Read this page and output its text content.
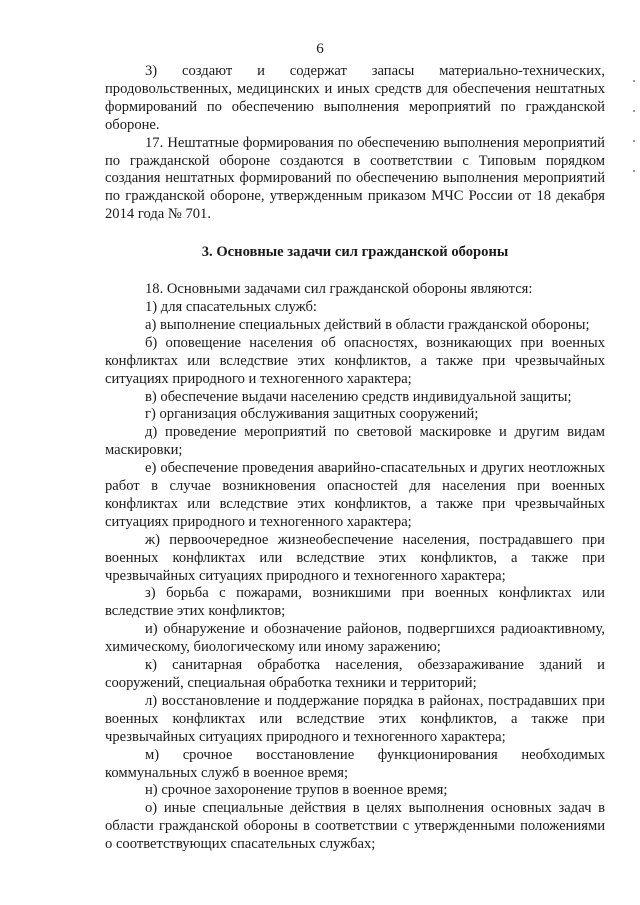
6

3) создают и содержат запасы материально-технических, продовольственных, медицинских и иных средств для обеспечения нештатных формирований по обеспечению выполнения мероприятий по гражданской обороне.

17. Нештатные формирования по обеспечению выполнения мероприятий по гражданской обороне создаются в соответствии с Типовым порядком создания нештатных формирований по обеспечению выполнения мероприятий по гражданской обороне, утвержденным приказом МЧС России от 18 декабря 2014 года № 701.

3. Основные задачи сил гражданской обороны

18. Основными задачами сил гражданской обороны являются:

1) для спасательных служб:

а) выполнение специальных действий в области гражданской обороны;

б) оповещение населения об опасностях, возникающих при военных конфликтах или вследствие этих конфликтов, а также при чрезвычайных ситуациях природного и техногенного характера;

в) обеспечение выдачи населению средств индивидуальной защиты;

г) организация обслуживания защитных сооружений;

д) проведение мероприятий по световой маскировке и другим видам маскировки;

е) обеспечение проведения аварийно-спасательных и других неотложных работ в случае возникновения опасностей для населения при военных конфликтах или вследствие этих конфликтов, а также при чрезвычайных ситуациях природного и техногенного характера;

ж) первоочередное жизнеобеспечение населения, пострадавшего при военных конфликтах или вследствие этих конфликтов, а также при чрезвычайных ситуациях природного и техногенного характера;

з) борьба с пожарами, возникшими при военных конфликтах или вследствие этих конфликтов;

и) обнаружение и обозначение районов, подвергшихся радиоактивному, химическому, биологическому или иному заражению;

к) санитарная обработка населения, обеззараживание зданий и сооружений, специальная обработка техники и территорий;

л) восстановление и поддержание порядка в районах, пострадавших при военных конфликтах или вследствие этих конфликтов, а также при чрезвычайных ситуациях природного и техногенного характера;

м) срочное восстановление функционирования необходимых коммунальных служб в военное время;

н) срочное захоронение трупов в военное время;

о) иные специальные действия в целях выполнения основных задач в области гражданской обороны в соответствии с утвержденными положениями о соответствующих спасательных службах;
